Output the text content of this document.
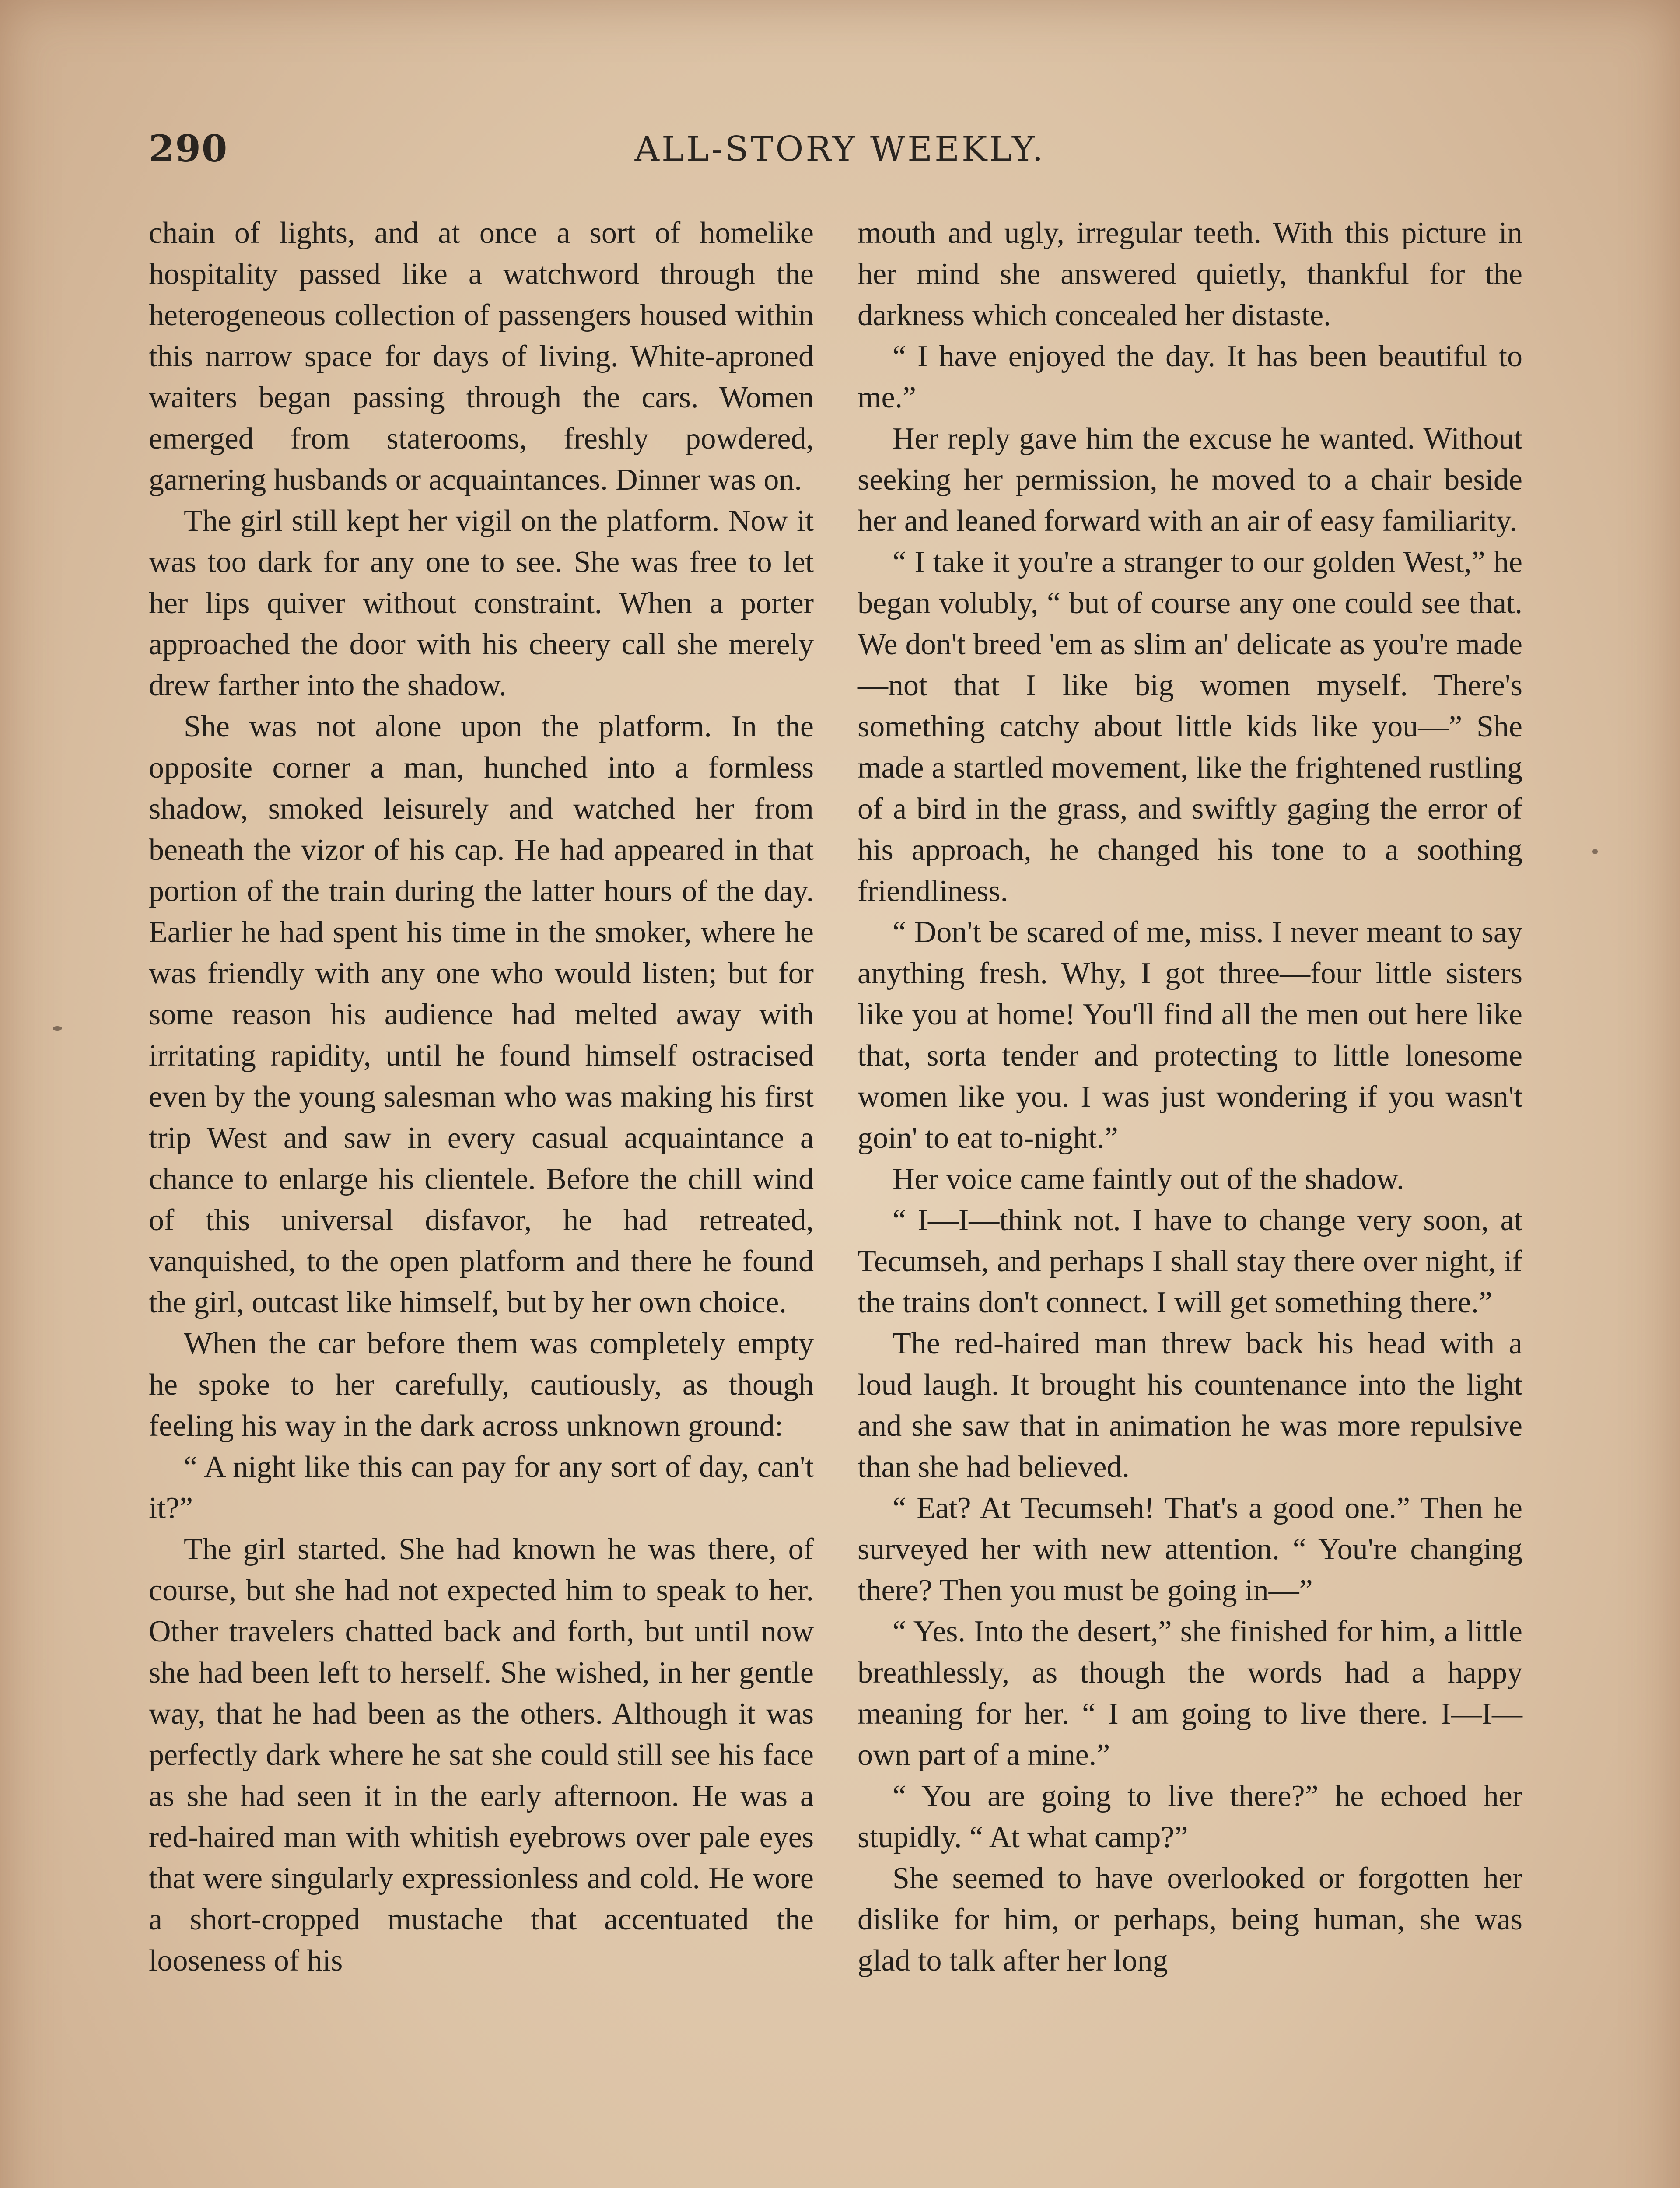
290	ALL-STORY WEEKLY.

chain of lights, and at once a sort of homelike hospitality passed like a watchword through the heterogeneous collection of passengers housed within this narrow space for days of living. White-aproned waiters began passing through the cars. Women emerged from staterooms, freshly powdered, garnering husbands or acquaintances. Dinner was on.

The girl still kept her vigil on the platform. Now it was too dark for any one to see. She was free to let her lips quiver without constraint. When a porter approached the door with his cheery call she merely drew farther into the shadow.

She was not alone upon the platform. In the opposite corner a man, hunched into a formless shadow, smoked leisurely and watched her from beneath the vizor of his cap. He had appeared in that portion of the train during the latter hours of the day. Earlier he had spent his time in the smoker, where he was friendly with any one who would listen; but for some reason his audience had melted away with irritating rapidity, until he found himself ostracised even by the young salesman who was making his first trip West and saw in every casual acquaintance a chance to enlarge his clientele. Before the chill wind of this universal disfavor, he had retreated, vanquished, to the open platform and there he found the girl, outcast like himself, but by her own choice.

When the car before them was completely empty he spoke to her carefully, cautiously, as though feeling his way in the dark across unknown ground:

“ A night like this can pay for any sort of day, can't it?”

The girl started. She had known he was there, of course, but she had not expected him to speak to her. Other travelers chatted back and forth, but until now she had been left to herself. She wished, in her gentle way, that he had been as the others. Although it was perfectly dark where he sat she could still see his face as she had seen it in the early afternoon. He was a red-haired man with whitish eyebrows over pale eyes that were singularly expressionless and cold. He wore a short-cropped mustache that accentuated the looseness of his

mouth and ugly, irregular teeth. With this picture in her mind she answered quietly, thankful for the darkness which concealed her distaste.

“ I have enjoyed the day. It has been beautiful to me.”

Her reply gave him the excuse he wanted. Without seeking her permission, he moved to a chair beside her and leaned forward with an air of easy familiarity.

“ I take it you're a stranger to our golden West,” he began volubly, “ but of course any one could see that. We don't breed 'em as slim an' delicate as you're made—not that I like big women myself. There's something catchy about little kids like you—” She made a startled movement, like the frightened rustling of a bird in the grass, and swiftly gaging the error of his approach, he changed his tone to a soothing friendliness.

“ Don't be scared of me, miss. I never meant to say anything fresh. Why, I got three—four little sisters like you at home! You'll find all the men out here like that, sorta tender and protecting to little lonesome women like you. I was just wondering if you wasn't goin' to eat to-night.”

Her voice came faintly out of the shadow.

“ I—I—think not. I have to change very soon, at Tecumseh, and perhaps I shall stay there over night, if the trains don't connect. I will get something there.”

The red-haired man threw back his head with a loud laugh. It brought his countenance into the light and she saw that in animation he was more repulsive than she had believed.

“ Eat? At Tecumseh! That's a good one.” Then he surveyed her with new attention. “ You're changing there? Then you must be going in—”

“ Yes. Into the desert,” she finished for him, a little breathlessly, as though the words had a happy meaning for her. “ I am going to live there. I—I—own part of a mine.”

“ You are going to live there?” he echoed her stupidly. “ At what camp?”

She seemed to have overlooked or forgotten her dislike for him, or perhaps, being human, she was glad to talk after her long
